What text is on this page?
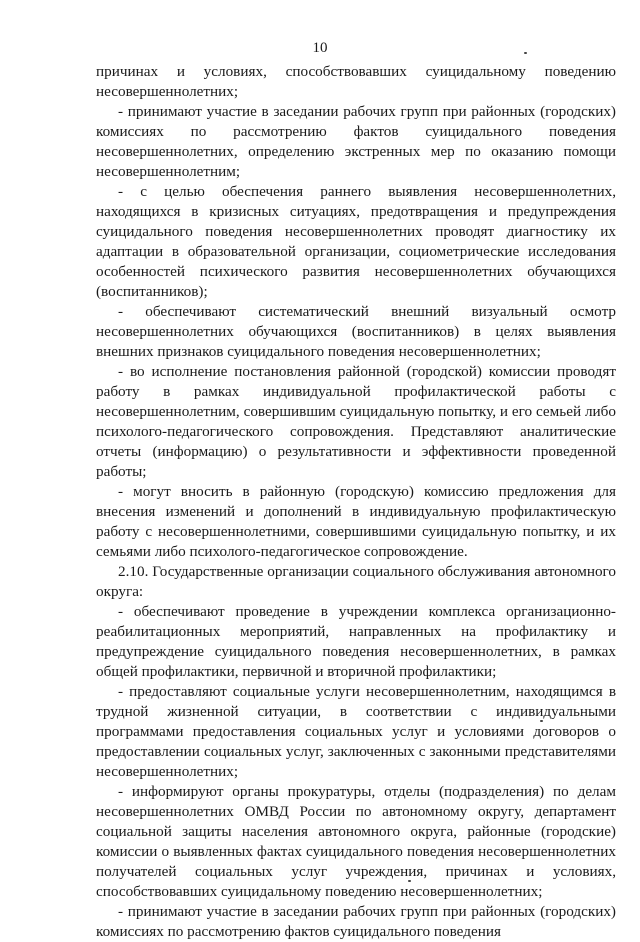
10

причинах и условиях, способствовавших суицидальному поведению несовершеннолетних;

- принимают участие в заседании рабочих групп при районных (городских) комиссиях по рассмотрению фактов суицидального поведения несовершеннолетних, определению экстренных мер по оказанию помощи несовершеннолетним;

- с целью обеспечения раннего выявления несовершеннолетних, находящихся в кризисных ситуациях, предотвращения и предупреждения суицидального поведения несовершеннолетних проводят диагностику их адаптации в образовательной организации, социометрические исследования особенностей психического развития несовершеннолетних обучающихся (воспитанников);

- обеспечивают систематический внешний визуальный осмотр несовершеннолетних обучающихся (воспитанников) в целях выявления внешних признаков суицидального поведения несовершеннолетних;

- во исполнение постановления районной (городской) комиссии проводят работу в рамках индивидуальной профилактической работы с несовершеннолетним, совершившим суицидальную попытку, и его семьей либо психолого-педагогического сопровождения. Представляют аналитические отчеты (информацию) о результативности и эффективности проведенной работы;

- могут вносить в районную (городскую) комиссию предложения для внесения изменений и дополнений в индивидуальную профилактическую работу с несовершеннолетними, совершившими суицидальную попытку, и их семьями либо психолого-педагогическое сопровождение.

2.10. Государственные организации социального обслуживания автономного округа:

- обеспечивают проведение в учреждении комплекса организационно-реабилитационных мероприятий, направленных на профилактику и предупреждение суицидального поведения несовершеннолетних, в рамках общей профилактики, первичной и вторичной профилактики;

- предоставляют социальные услуги несовершеннолетним, находящимся в трудной жизненной ситуации, в соответствии с индивидуальными программами предоставления социальных услуг и условиями договоров о предоставлении социальных услуг, заключенных с законными представителями несовершеннолетних;

- информируют органы прокуратуры, отделы (подразделения) по делам несовершеннолетних ОМВД России по автономному округу, департамент социальной защиты населения автономного округа, районные (городские) комиссии о выявленных фактах суицидального поведения несовершеннолетних получателей социальных услуг учреждения, причинах и условиях, способствовавших суицидальному поведению несовершеннолетних;

- принимают участие в заседании рабочих групп при районных (городских) комиссиях по рассмотрению фактов суицидального поведения
